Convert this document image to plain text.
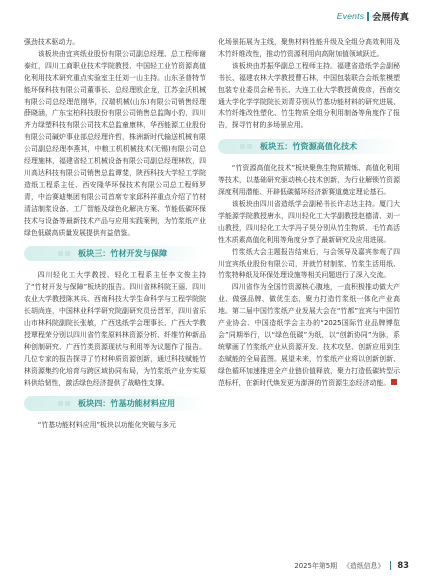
Events 会展传真

强劲技术驱动力。

该板块由宜宾纸业股份有限公司副总经理、总工程师谢泰红，四川工商职业技术学院教授、中国轻工业竹资源高值化利用技术研究重点实验室主任刘一山主持。山东圣普特节能环保科技有限公司董事长、总经理欧企龙，江苏金沃机械有限公司总经理范刚华，汉瑞机械(山东)有限公司销售经理薛晓涵，广东宝柏科技股份有限公司销售总监陶小豹，四川齐力绿塑科技有限公司技术总监童康林，华西能源工业股份有限公司碱炉事业部总经理许哲，株洲新时代输送机械有限公司副总经理李燕其，中粮工机机械技术(无锡)有限公司总经理施林，福建省轻工机械设备有限公司副总经理林钦，四川高达科技有限公司销售总监谭斐，陕西科技大学轻工学院造纸工程系主任、西安隆华环保技术有限公司总工程师罗青，中治赛迪集团有限公司首席专家邱科祥重点介绍了竹材清洁制浆设备、工厂智能及绿色化解决方案、节能低碳环保技术与设备等最新技术产品与应用实践案例，为竹浆纸产业绿色低碳高质量发展提供有益借鉴。

板块三：竹材开发与保障

四川轻化工大学教授、轻化工程系主任李文俊主持了“竹材开发与保障”板块的报告。四川省林科院王丽、四川农业大学教授陈其兵、西南科技大学生命科学与工程学院院长胡尚连，中国林业科学研究院副研究员岳晋军，四川省乐山市林科院副院长张敏，广西选纸学会理事长、广西大学教授覃程荣分别以四川省竹浆原料林资源分析、纤维竹种新品种创制研究、广西竹类资源现状与利用等为议题作了报告。几位专家的报告探寻了竹材种质资源创新，通过科技赋能竹林资源集约化培育与跨区域协同布局，为竹浆纸产业夯实原料供给韧性，激活绿色经济提供了战略性支撑。

板块四：竹基功能材料应用

“竹基功能材料应用”板块以功能化突破与多元

化场景拓展为主线，聚焦材料性能升级及全组分高效利用及木竹纤维改性，推动竹资源利用向高附加值领域跃迁。

该板块由苏振华副总工程师主持。福建省造纸学会副秘书长、福建农林大学教授曹石林，中国包装联合会纸浆模塑包装专业委员会秘书长、大连工业大学教授黄俊彦，西南交通大学化学学院院长刘青芬别从竹基功能材料的研究进展、木竹纤维改性塑化、竹生物质全组分利用制备等角度作了报告，探寻竹材的多场景应用。

板块五：竹资源高值化技术

“竹资源高值化技术”板块聚焦生物质精炼、高值化利用等技术，以基础研究驱动核心技术创新，为行业解锁竹资源深度利用潜能、开辟低碳循环经济新赛道奠定理论基石。

该板块由四川省造纸学会副秘书长许志达主持。厦门大学能源学院教授唐水，四川轻化工大学副教授赵德清、刘一山教授，四川轻化工大学冯子昊分别从竹生物质、毛竹高活性木质素高值化利用等角度分享了最新研究及应用进展。

竹浆纸大会主题报告结束后，与会领导及嘉宾参观了四川宜宾纸业股份有限公司，并就竹材制浆、竹浆生活用纸、竹浆特种纸及环保处理设施等相关问题进行了深入交流。

四川省作为全国竹资源核心腹地，一直积极推动做大产业、做强品牌、做优生态，聚力打造竹浆纸一体化产业高地。第二届中国竹浆纸产业发展大会在“竹都”宜宾与中国竹产业协会、中国造纸学会主办的“2025国际竹业品牌博览会”同期举行，以“绿色低碳”为纸，以“创新协同”为脉，系统擘画了竹浆纸产业从资源开发、技术攻坚、创新应用到生态赋能的全局蓝图。展望未来，竹浆纸产业将以创新创新、绿色循环加速推进全产业链价值释放，聚力打造低碳转型示范标杆，在新时代焕发更为澎湃的竹资源生态经济动能。

2025年第5期 《造纸信息》 83
